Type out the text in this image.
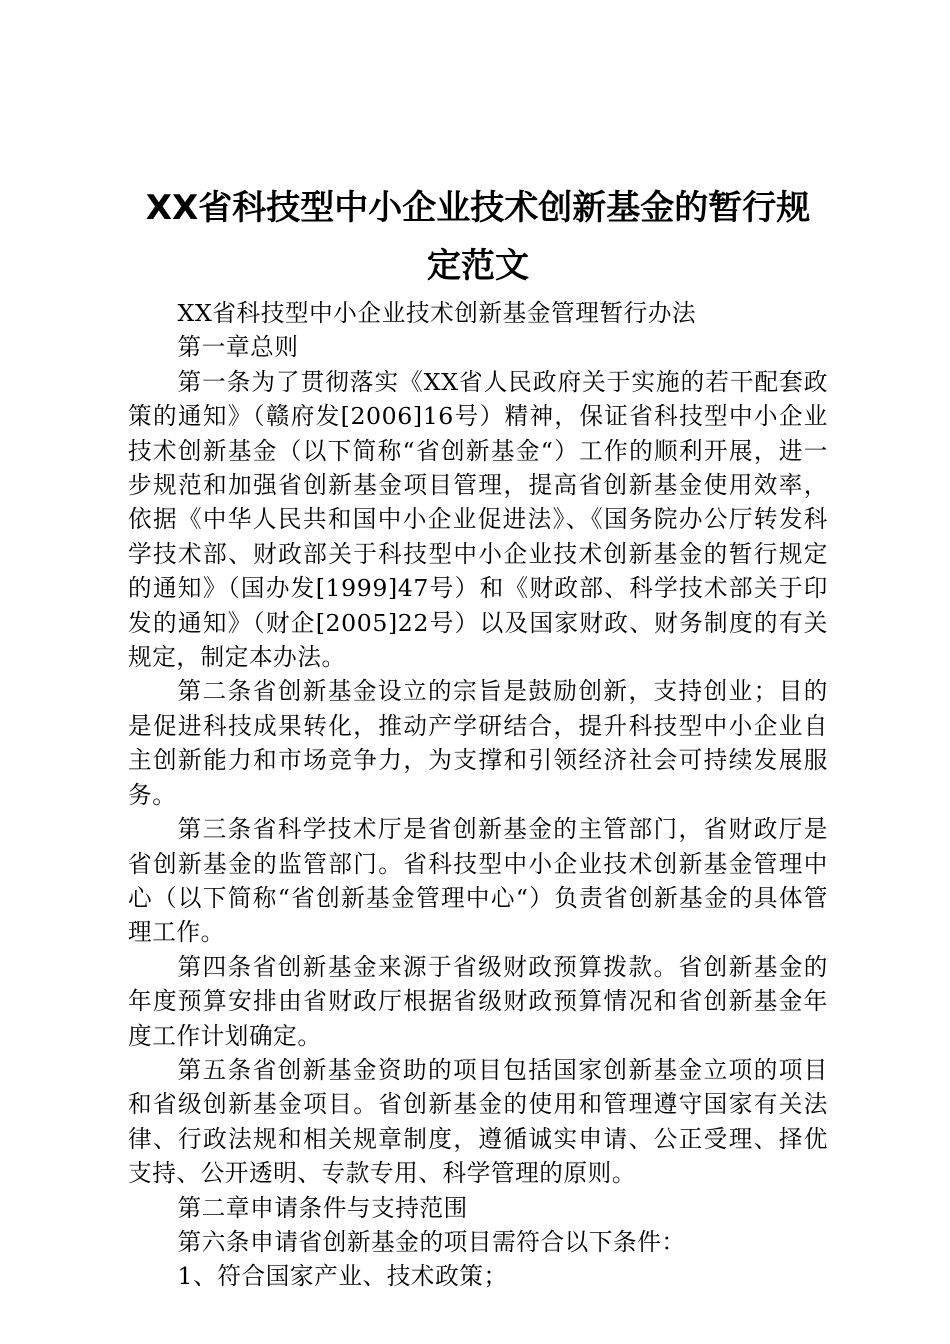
XX省科技型中小企业技术创新基金的暂行规
定范文

XX省科技型中小企业技术创新基金管理暂行办法

第一章总则

第一条为了贯彻落实《XX省人民政府关于实施的若干配套政策的通知》（赣府发[2006]16号）精神，保证省科技型中小企业技术创新基金（以下简称“省创新基金“）工作的顺利开展，进一步规范和加强省创新基金项目管理，提高省创新基金使用效率，依据《中华人民共和国中小企业促进法》、《国务院办公厅转发科学技术部、财政部关于科技型中小企业技术创新基金的暂行规定的通知》（国办发[1999]47号）和《财政部、科学技术部关于印发的通知》（财企[2005]22号）以及国家财政、财务制度的有关规定，制定本办法。

第二条省创新基金设立的宗旨是鼓励创新，支持创业；目的是促进科技成果转化，推动产学研结合，提升科技型中小企业自主创新能力和市场竞争力，为支撑和引领经济社会可持续发展服务。

第三条省科学技术厅是省创新基金的主管部门，省财政厅是省创新基金的监管部门。省科技型中小企业技术创新基金管理中心（以下简称“省创新基金管理中心“）负责省创新基金的具体管理工作。

第四条省创新基金来源于省级财政预算拨款。省创新基金的年度预算安排由省财政厅根据省级财政预算情况和省创新基金年度工作计划确定。

第五条省创新基金资助的项目包括国家创新基金立项的项目和省级创新基金项目。省创新基金的使用和管理遵守国家有关法律、行政法规和相关规章制度，遵循诚实申请、公正受理、择优支持、公开透明、专款专用、科学管理的原则。

第二章申请条件与支持范围

第六条申请省创新基金的项目需符合以下条件：

1、符合国家产业、技术政策；
